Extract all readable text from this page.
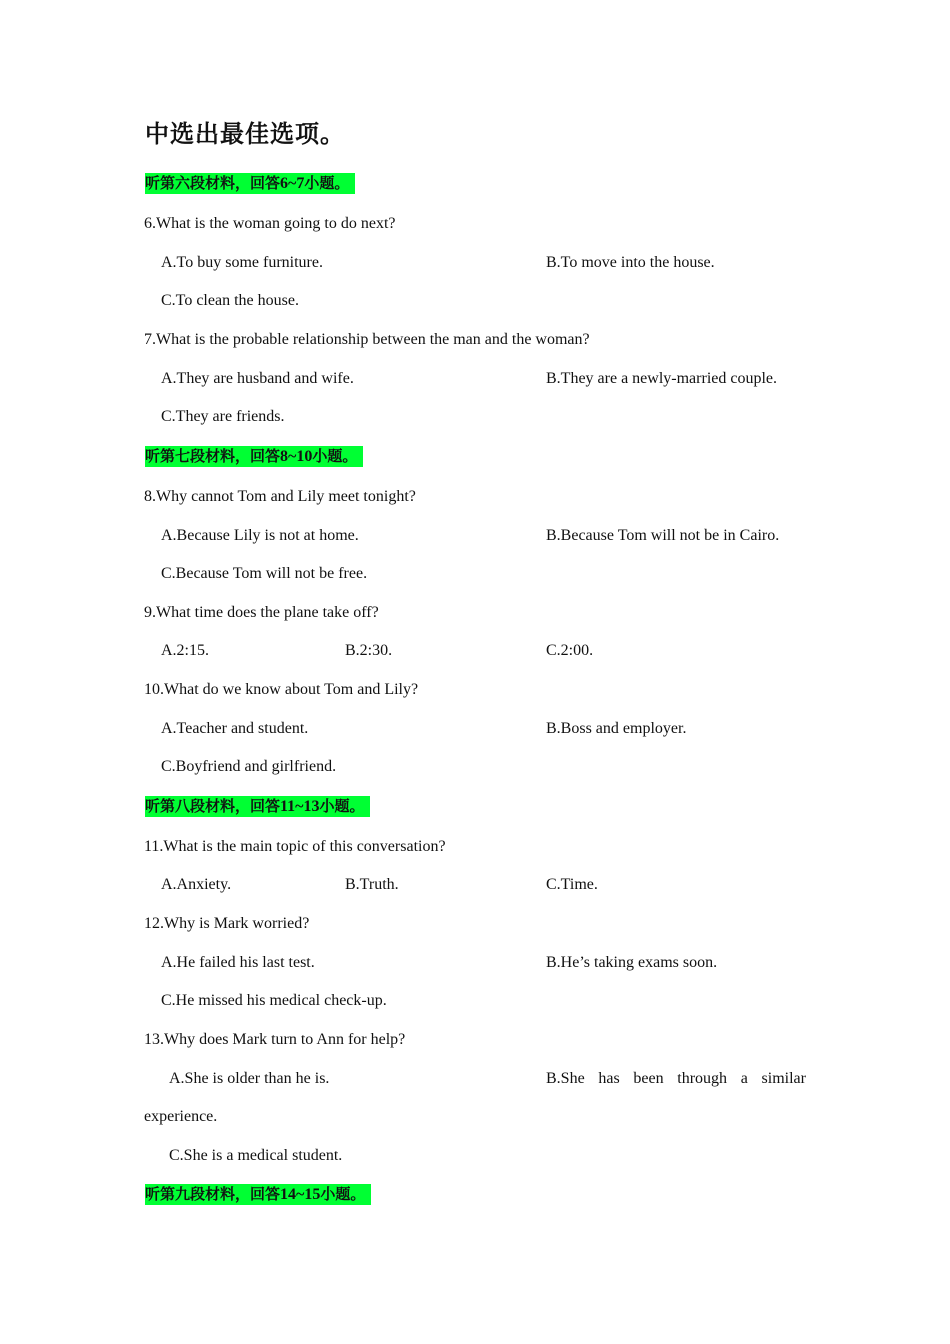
中选出最佳选项。
听第六段材料，回答6~7小题。
6.What is the woman going to do next?
A.To buy some furniture.	B.To move into the house.
C.To clean the house.
7.What is the probable relationship between the man and the woman?
A.They are husband and wife.	B.They are a newly-married couple.
C.They are friends.
听第七段材料，回答8~10小题。
8.Why cannot Tom and Lily meet tonight?
A.Because Lily is not at home.	B.Because Tom will not be in Cairo.
C.Because Tom will not be free.
9.What time does the plane take off?
A.2:15.	B.2:30.	C.2:00.
10.What do we know about Tom and Lily?
A.Teacher and student.	B.Boss and employer.
C.Boyfriend and girlfriend.
听第八段材料，回答11~13小题。
11.What is the main topic of this conversation?
A.Anxiety.	B.Truth.	C.Time.
12.Why is Mark worried?
A.He failed his last test.	B.He’s taking exams soon.
C.He missed his medical check-up.
13.Why does Mark turn to Ann for help?
A.She is older than he is.	B.She has been through a similar
experience.
C.She is a medical student.
听第九段材料，回答14~15小题。
